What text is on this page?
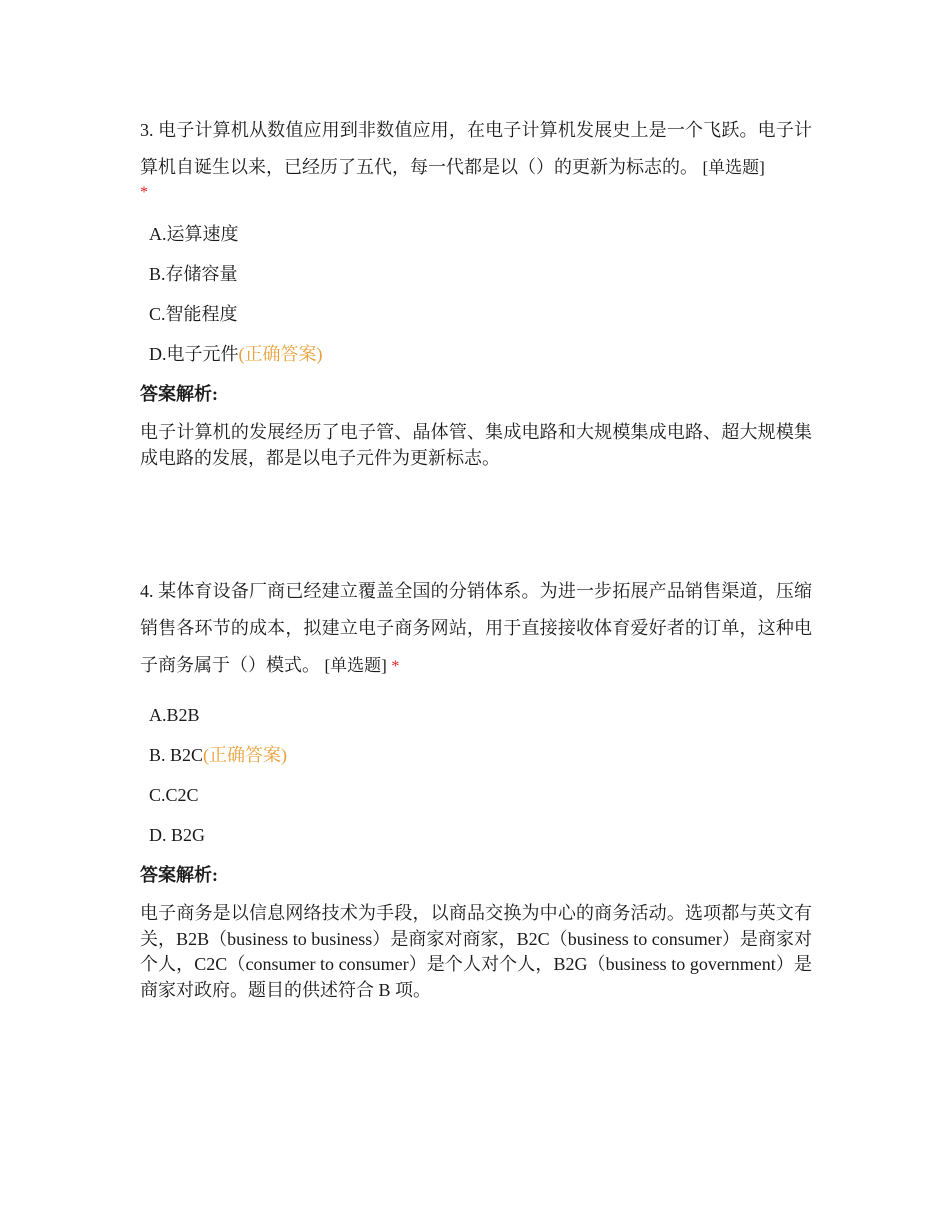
3. 电子计算机从数值应用到非数值应用，在电子计算机发展史上是一个飞跃。电子计算机自诞生以来，已经历了五代，每一代都是以（）的更新为标志的。 [单选题]
*

A.运算速度
B.存储容量
C.智能程度
D.电子元件(正确答案)

答案解析:

电子计算机的发展经历了电子管、晶体管、集成电路和大规模集成电路、超大规模集成电路的发展，都是以电子元件为更新标志。

4. 某体育设备厂商已经建立覆盖全国的分销体系。为进一步拓展产品销售渠道，压缩销售各环节的成本，拟建立电子商务网站，用于直接接收体育爱好者的订单，这种电子商务属于（）模式。 [单选题] *

A.B2B
B. B2C(正确答案)
C.C2C
D. B2G

答案解析:

电子商务是以信息网络技术为手段，以商品交换为中心的商务活动。选项都与英文有关，B2B（business to business）是商家对商家，B2C（business to consumer）是商家对个人，C2C（consumer to consumer）是个人对个人，B2G（business to government）是商家对政府。题目的供述符合 B 项。
